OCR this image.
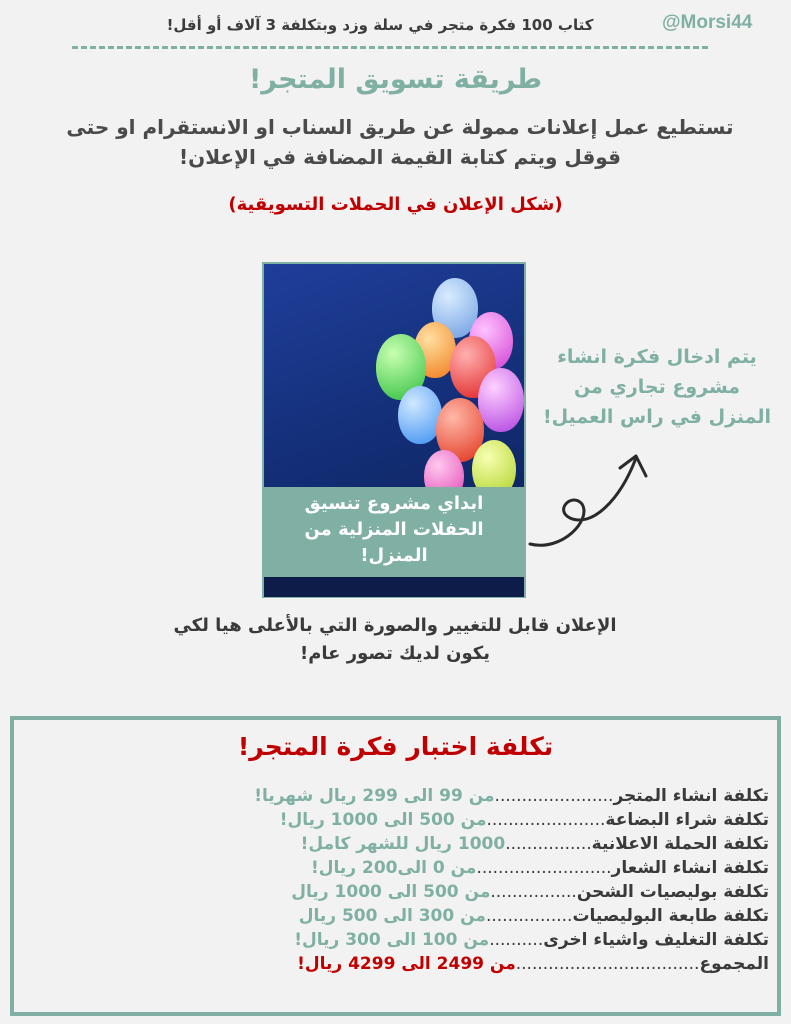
@Morsi44
كتاب 100 فكرة متجر في سلة وزد وبتكلفة 3 آلاف أو أقل!
طريقة تسويق المتجر!
تستطيع عمل إعلانات ممولة عن طريق السناب او الانستقرام او حتى
قوقل ويتم كتابة القيمة المضافة في الإعلان!
(شكل الإعلان في الحملات التسويقية)
ابداي مشروع تنسيق
الحفلات المنزلية من
المنزل!
يتم ادخال فكرة انشاء
مشروع تجاري من
المنزل في راس العميل!
الإعلان قابل للتغيير والصورة التي بالأعلى هيا لكي
يكون لديك تصور عام!
تكلفة اختبار فكرة المتجر!
تكلفة انشاء المتجر......................من 99 الى 299 ريال شهريا!
تكلفة شراء البضاعة......................من 500 الى 1000 ريال!
تكلفة الحملة الاعلانية................1000 ريال للشهر كامل!
تكلفة انشاء الشعار.........................من 0 الى200 ريال!
تكلفة بوليصيات الشحن................من 500 الى 1000 ريال
تكلفة طابعة البوليصيات................من 300 الى 500 ريال
تكلفة التغليف واشياء اخرى..........من 100 الى 300 ريال!
المجموع..................................من 2499 الى 4299 ريال!
